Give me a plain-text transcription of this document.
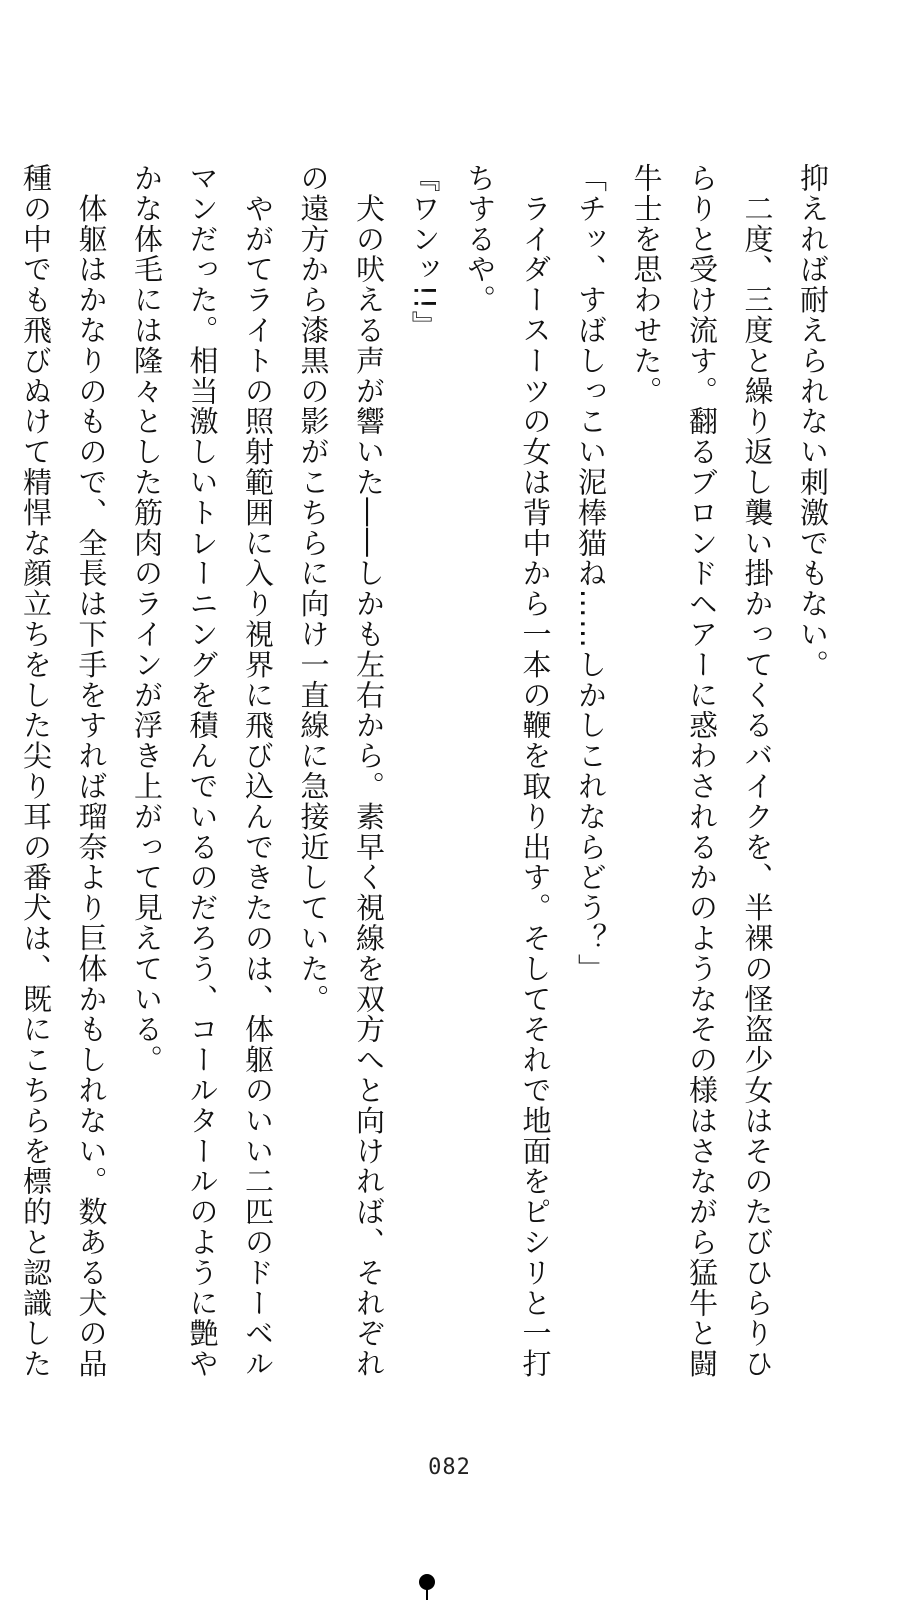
抑えれば耐えられない刺激でもない。
　二度、三度と繰り返し襲い掛かってくるバイクを、半裸の怪盗少女はそのたびひらりひ
らりと受け流す。翻るブロンドヘアーに惑わされるかのようなその様はさながら猛牛と闘
牛士を思わせた。
「チッ、すばしっこい泥棒猫ね……しかしこれならどう？」
　ライダースーツの女は背中から一本の鞭を取り出す。そしてそれで地面をピシリと一打
ちするや。
『ワンッ!!』
　犬の吠える声が響いた――しかも左右から。素早く視線を双方へと向ければ、それぞれ
の遠方から漆黒の影がこちらに向け一直線に急接近していた。
　やがてライトの照射範囲に入り視界に飛び込んできたのは、体躯のいい二匹のドーベル
マンだった。相当激しいトレーニングを積んでいるのだろう、コールタールのように艶や
かな体毛には隆々とした筋肉のラインが浮き上がって見えている。
　体躯はかなりのもので、全長は下手をすれば瑠奈より巨体かもしれない。数ある犬の品
種の中でも飛びぬけて精悍な顔立ちをした尖り耳の番犬は、既にこちらを標的と認識した
082
